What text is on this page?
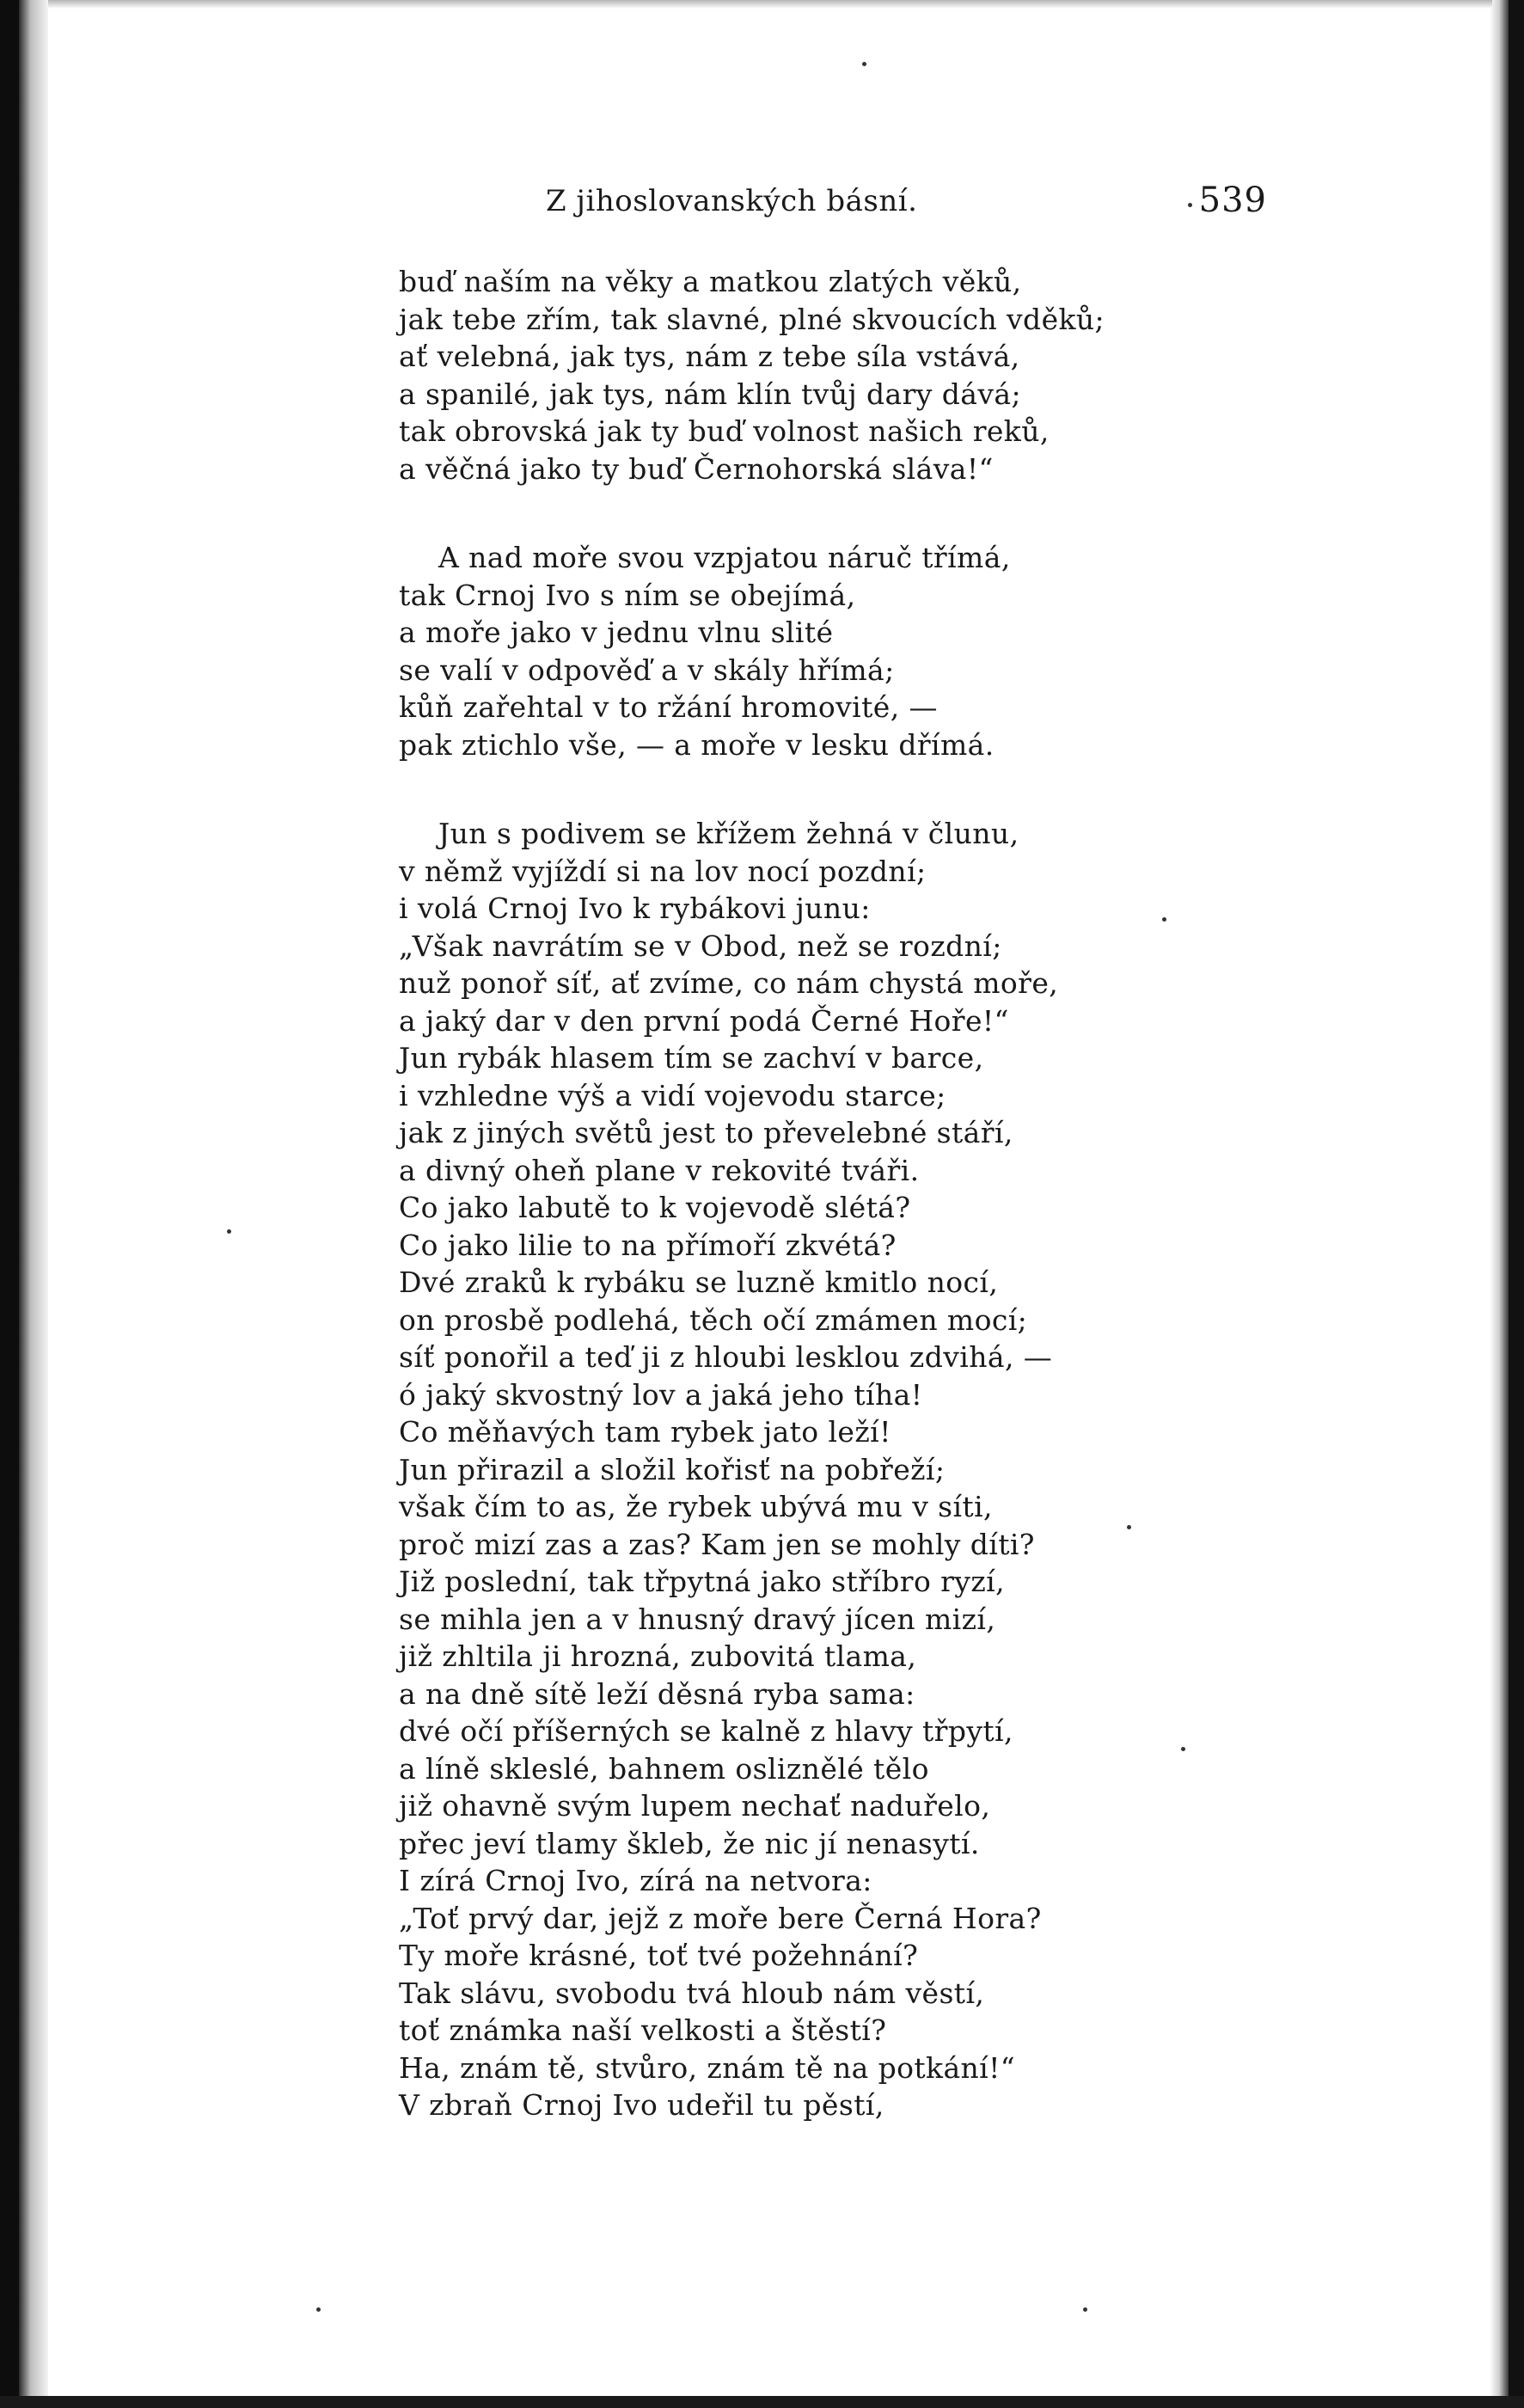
Z jihoslovanských básní.	539
buď naším na věky a matkou zlatých věků,
jak tebe zřím, tak slavné, plné skvoucích vděků;
ať velebná, jak tys, nám z tebe síla vstává,
a spanilé, jak tys, nám klín tvůj dary dává;
tak obrovská jak ty buď volnost našich reků,
a věčná jako ty buď Černohorská sláva!“
A nad moře svou vzpjatou náruč třímá,
tak Crnoj Ivo s ním se obejímá,
a moře jako v jednu vlnu slité
se valí v odpověď a v skály hřímá;
kůň zařehtal v to ržání hromovité, —
pak ztichlo vše, — a moře v lesku dřímá.
Jun s podivem se křížem žehná v člunu,
v němž vyjíždí si na lov nocí pozdní;
i volá Crnoj Ivo k rybákovi junu:
„Však navrátím se v Obod, než se rozdní;
nuž ponoř síť, ať zvíme, co nám chystá moře,
a jaký dar v den první podá Černé Hoře!“
Jun rybák hlasem tím se zachví v barce,
i vzhledne výš a vidí vojevodu starce;
jak z jiných světů jest to převelebné stáří,
a divný oheň plane v rekovité tváři.
Co jako labutě to k vojevodě slétá?
Co jako lilie to na přímoří zkvétá?
Dvé zraků k rybáku se luzně kmitlo nocí,
on prosbě podlehá, těch očí zmámen mocí;
síť ponořil a teď ji z hloubi lesklou zdvihá, —
ó jaký skvostný lov a jaká jeho tíha!
Co měňavých tam rybek jato leží!
Jun přirazil a složil kořisť na pobřeží;
však čím to as, že rybek ubývá mu v síti,
proč mizí zas a zas? Kam jen se mohly díti?
Již poslední, tak třpytná jako stříbro ryzí,
se mihla jen a v hnusný dravý jícen mizí,
již zhltila ji hrozná, zubovitá tlama,
a na dně sítě leží děsná ryba sama:
dvé očí příšerných se kalně z hlavy třpytí,
a líně skleslé, bahnem osliznělé tělo
již ohavně svým lupem nechať naduřelo,
přec jeví tlamy škleb, že nic jí nenasytí.
I zírá Crnoj Ivo, zírá na netvora:
„Toť prvý dar, jejž z moře bere Černá Hora?
Ty moře krásné, toť tvé požehnání?
Tak slávu, svobodu tvá hloub nám věstí,
toť známka naší velkosti a štěstí?
Ha, znám tě, stvůro, znám tě na potkání!“
V zbraň Crnoj Ivo udeřil tu pěstí,
